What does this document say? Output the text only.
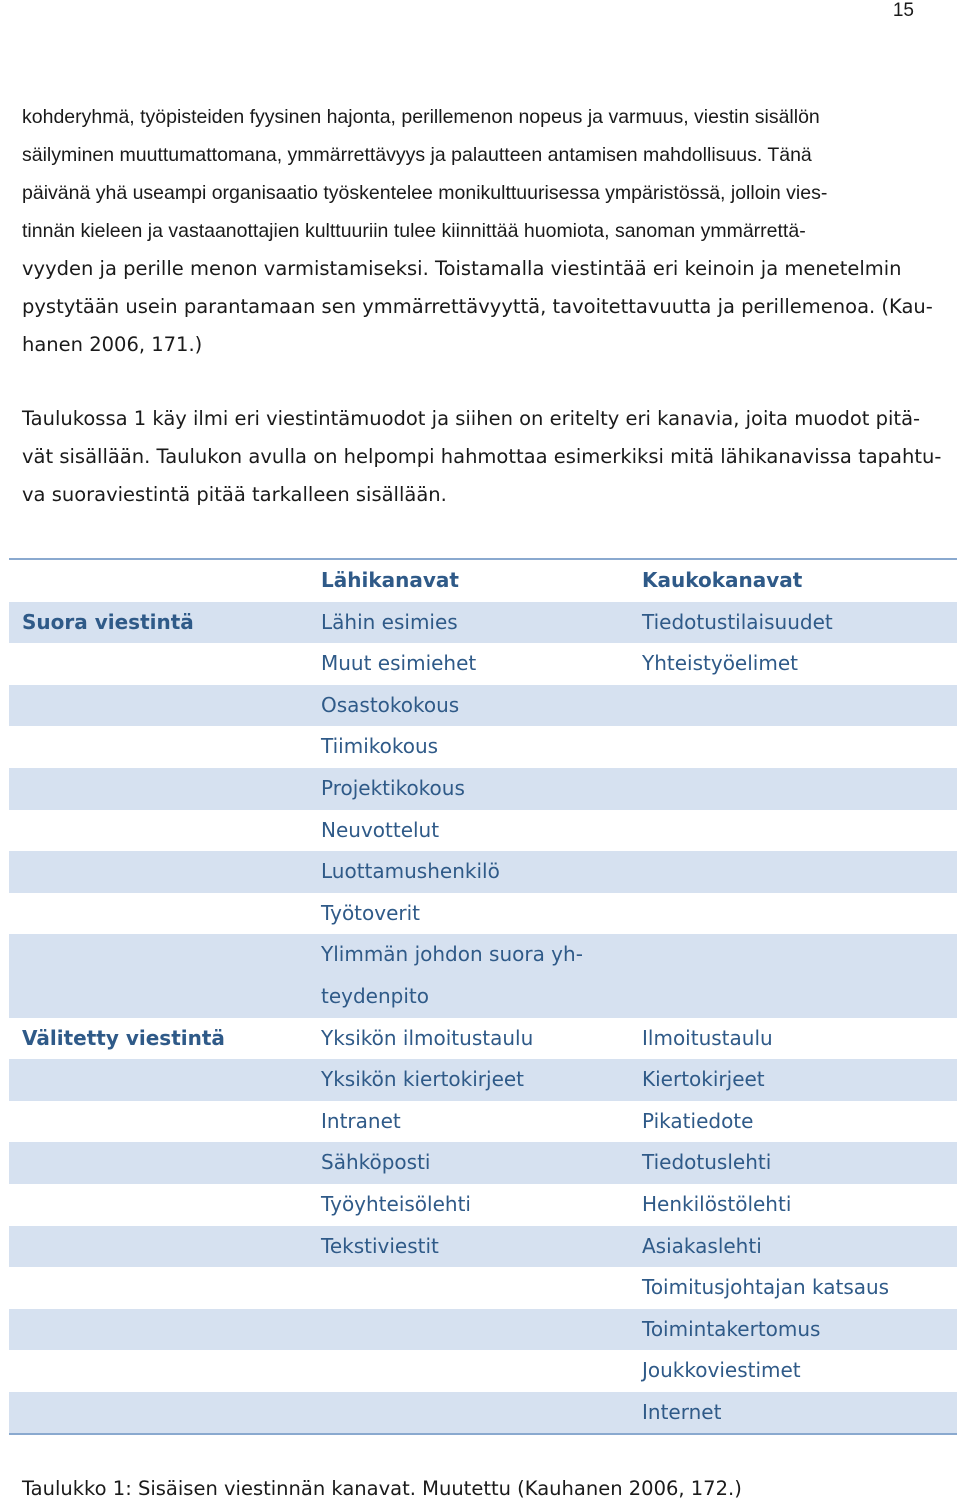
15

kohderyhmä, työpisteiden fyysinen hajonta, perillemenon nopeus ja varmuus, viestin sisällön
säilyminen muuttumattomana, ymmärrettävyys ja palautteen antamisen mahdollisuus. Tänä
päivänä yhä useampi organisaatio työskentelee monikulttuurisessa ympäristössä, jolloin vies-
tinnän kieleen ja vastaanottajien kulttuuriin tulee kiinnittää huomiota, sanoman ymmärrettä-
vyyden ja perille menon varmistamiseksi. Toistamalla viestintää eri keinoin ja menetelmin
pystytään usein parantamaan sen ymmärrettävyyttä, tavoitettavuutta ja perillemenoa. (Kau-
hanen 2006, 171.)

Taulukossa 1 käy ilmi eri viestintämuodot ja siihen on eritelty eri kanavia, joita muodot pitä-
vät sisällään. Taulukon avulla on helpompi hahmottaa esimerkiksi mitä lähikanavissa tapahtu-
va suoraviestintä pitää tarkalleen sisällään.

	Lähikanavat	Kaukokanavat
Suora viestintä	Lähin esimies	Tiedotustilaisuudet
	Muut esimiehet	Yhteistyöelimet
	Osastokokous	
	Tiimikokous	
	Projektikokous	
	Neuvottelut	
	Luottamushenkilö	
	Työtoverit	
	Ylimmän johdon suora yh-	
	teydenpito	
Välitetty viestintä	Yksikön ilmoitustaulu	Ilmoitustaulu
	Yksikön kiertokirjeet	Kiertokirjeet
	Intranet	Pikatiedote
	Sähköposti	Tiedotuslehti
	Työyhteisölehti	Henkilöstölehti
	Tekstiviestit	Asiakaslehti
		Toimitusjohtajan katsaus
		Toimintakertomus
		Joukkoviestimet
		Internet

Taulukko 1: Sisäisen viestinnän kanavat. Muutettu (Kauhanen 2006, 172.)
